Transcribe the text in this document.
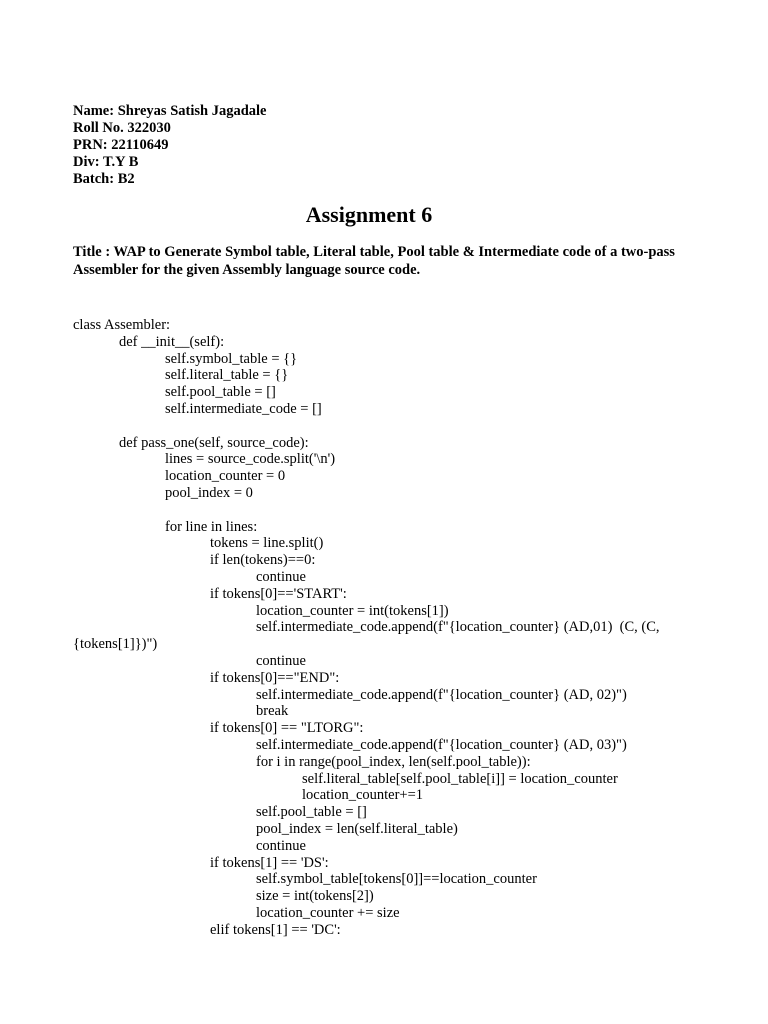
Name: Shreyas Satish Jagadale
Roll No. 322030
PRN: 22110649
Div: T.Y B
Batch: B2
Assignment 6
Title : WAP to Generate Symbol table, Literal table, Pool table & Intermediate code of a two-pass Assembler for the given Assembly language source code.
class Assembler:
def __init__(self):
self.symbol_table = {}
self.literal_table = {}
self.pool_table = []
self.intermediate_code = []
def pass_one(self, source_code):
lines = source_code.split('\n')
location_counter = 0
pool_index = 0
for line in lines:
tokens = line.split()
if len(tokens)==0:
continue
if tokens[0]=='START':
location_counter = int(tokens[1])
self.intermediate_code.append(f"{location_counter} (AD,01)  (C, (C,
{tokens[1]})")
continue
if tokens[0]=="END":
self.intermediate_code.append(f"{location_counter} (AD, 02)")
break
if tokens[0] == "LTORG":
self.intermediate_code.append(f"{location_counter} (AD, 03)")
for i in range(pool_index, len(self.pool_table)):
self.literal_table[self.pool_table[i]] = location_counter
location_counter+=1
self.pool_table = []
pool_index = len(self.literal_table)
continue
if tokens[1] == 'DS':
self.symbol_table[tokens[0]]==location_counter
size = int(tokens[2])
location_counter += size
elif tokens[1] == 'DC':
